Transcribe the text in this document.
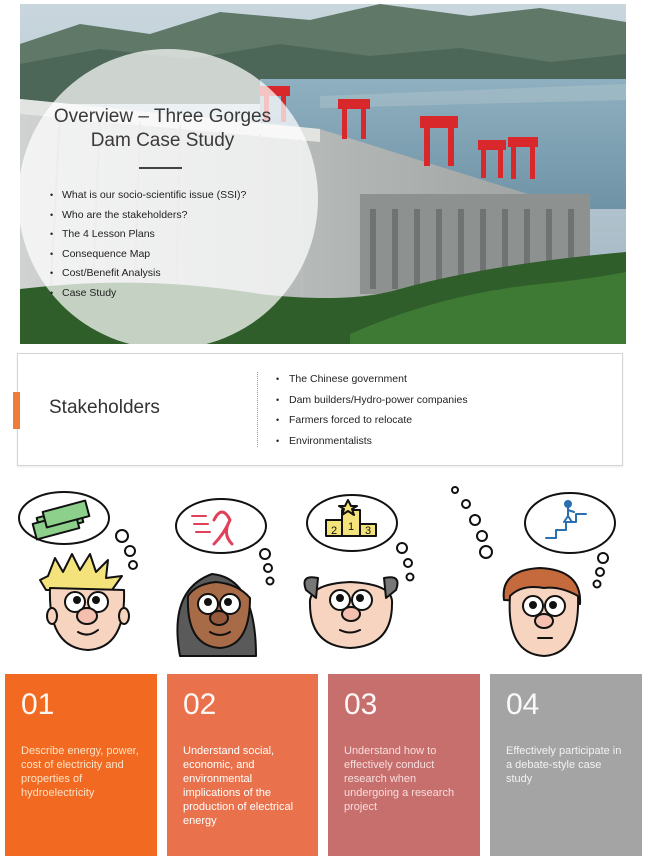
Overview – Three Gorges Dam Case Study
• What is our socio-scientific issue (SSI)?
• Who are the stakeholders?
• The 4 Lesson Plans
• Consequence Map
• Cost/Benefit Analysis
• Case Study
Stakeholders
• The Chinese government
• Dam builders/Hydro-power companies
• Farmers forced to relocate
• Environmentalists
1
2	3
01
Describe energy, power, cost of electricity and properties of hydroelectricity
02
Understand social, economic, and environmental implications of the production of electrical energy
03
Understand how to effectively conduct research when undergoing a research project
04
Effectively participate in a debate-style case study
